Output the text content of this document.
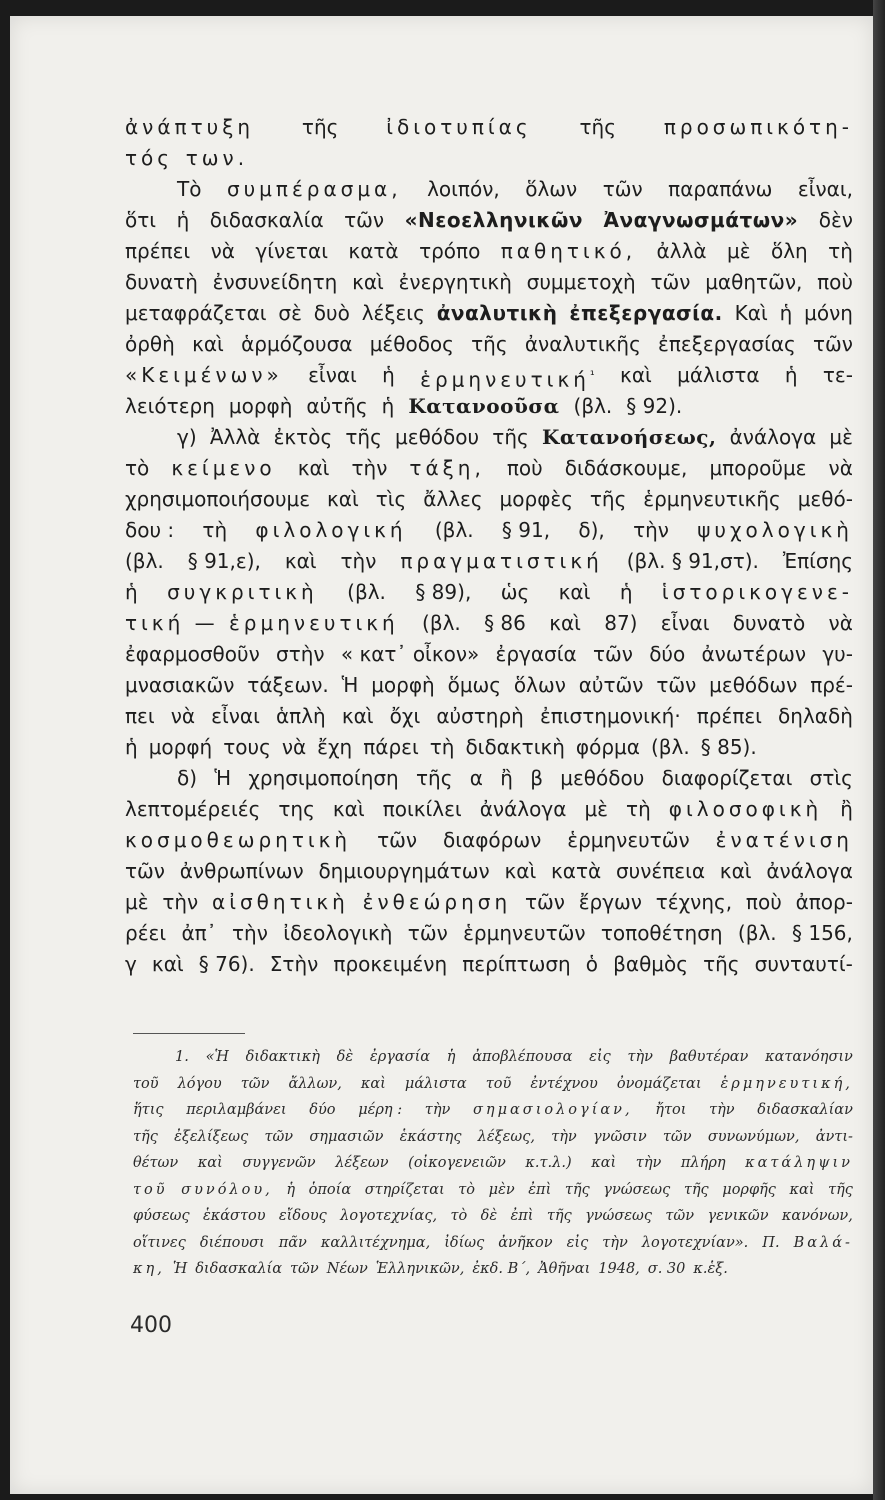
ἀνάπτυξη τῆς ἰδιοτυπίας τῆς προσωπικότη-
τός
των.
Τὸ συμπέρασμα, λοιπόν, ὅλων τῶν παραπάνω εἶναι,
ὅτι ἡ διδασκαλία τῶν «Νεοελληνικῶν Ἀναγνωσμάτων» δὲν
πρέπει νὰ γίνεται κατὰ τρόπο παθητικό, ἀλλὰ μὲ ὅλη τὴ
δυνατὴ ἐνσυνείδητη καὶ ἐνεργητικὴ συμμετοχὴ τῶν μαθητῶν, ποὺ
μεταφράζεται σὲ δυὸ λέξεις ἀναλυτικὴ ἐπεξεργασία. Καὶ ἡ μόνη
ὀρθὴ καὶ ἁρμόζουσα μέθοδος τῆς ἀναλυτικῆς ἐπεξεργασίας τῶν
«Κειμένων» εἶναι ἡ ἑρμηνευτική$^{^1}$ καὶ μάλιστα ἡ τε-
λειότερη μορφὴ αὐτῆς ἡ Κατανοοῦσα (βλ. § 92).
γ) Ἀλλὰ ἐκτὸς τῆς μεθόδου τῆς Κατανοήσεως, ἀνάλογα μὲ
τὸ κείμενο καὶ τὴν τάξη, ποὺ διδάσκουμε, μποροῦμε νὰ
χρησιμοποιήσουμε καὶ τὶς ἄλλες μορφὲς τῆς ἑρμηνευτικῆς μεθό-
δου : τὴ φιλολογική (βλ. § 91, δ), τὴν ψυχολογικὴ
(βλ. § 91,ε), καὶ τὴν πραγματιστική (βλ. § 91,στ). Ἐπίσης
ἡ συγκριτικὴ (βλ. § 89), ὡς καὶ ἡ ἱστορικογενε-
τική — ἑρμηνευτική (βλ. § 86 καὶ 87) εἶναι δυνατὸ νὰ
ἐφαρμοσθοῦν στὴν « κατ᾿ οἶκον» ἐργασία τῶν δύο ἀνωτέρων γυ-
μνασιακῶν τάξεων. Ἡ μορφὴ ὅμως ὅλων αὐτῶν τῶν μεθόδων πρέ-
πει νὰ εἶναι ἁπλὴ καὶ ὄχι αὐστηρὴ ἐπιστημονική· πρέπει δηλαδὴ
ἡ μορφή τους νὰ ἔχη πάρει τὴ διδακτικὴ φόρμα (βλ. § 85).
δ) Ἡ χρησιμοποίηση τῆς α ἢ β μεθόδου διαφορίζεται στὶς
λεπτομέρειές της καὶ ποικίλει ἀνάλογα μὲ τὴ φιλοσοφικὴ ἢ
κοσμοθεωρητικὴ τῶν διαφόρων ἑρμηνευτῶν ἐνατένιση
τῶν ἀνθρωπίνων δημιουργημάτων καὶ κατὰ συνέπεια καὶ ἀνάλογα
μὲ τὴν αἰσθητικὴ ἐνθεώρηση τῶν ἔργων τέχνης, ποὺ ἀπορ-
ρέει ἀπ᾿ τὴν ἰδεολογικὴ τῶν ἑρμηνευτῶν τοποθέτηση (βλ. § 156,
γ καὶ § 76). Στὴν προκειμένη περίπτωση ὁ βαθμὸς τῆς συνταυτί-
1. «Ἡ διδακτικὴ δὲ ἐργασία ἡ ἀποβλέπουσα εἰς τὴν βαθυτέραν κατανόησιν
τοῦ λόγου τῶν ἄλλων, καὶ μάλιστα τοῦ ἐντέχνου ὀνομάζεται ἑρμηνευτική,
ἥτις περιλαμβάνει δύο μέρη : τὴν σημασιολογίαν, ἤτοι τὴν διδασκαλίαν
τῆς ἐξελίξεως τῶν σημασιῶν ἑκάστης λέξεως, τὴν γνῶσιν τῶν συνωνύμων, ἀντι-
θέτων καὶ συγγενῶν λέξεων (οἰκογενειῶν κ.τ.λ.) καὶ τὴν πλήρη κατάληψιν
τοῦ συνόλου, ἡ ὁποία στηρίζεται τὸ μὲν ἐπὶ τῆς γνώσεως τῆς μορφῆς καὶ τῆς
φύσεως ἑκάστου εἴδους λογοτεχνίας, τὸ δὲ ἐπὶ τῆς γνώσεως τῶν γενικῶν κανόνων,
οἵτινες διέπουσι πᾶν καλλιτέχνημα, ἰδίως ἀνῆκον εἰς τὴν λογοτεχνίαν». Π. Βαλά-
κη, Ἡ διδασκαλία τῶν Νέων Ἑλληνικῶν, ἐκδ. Β΄, Ἀθῆναι 1948, σ. 30 κ.ἑξ.
400
